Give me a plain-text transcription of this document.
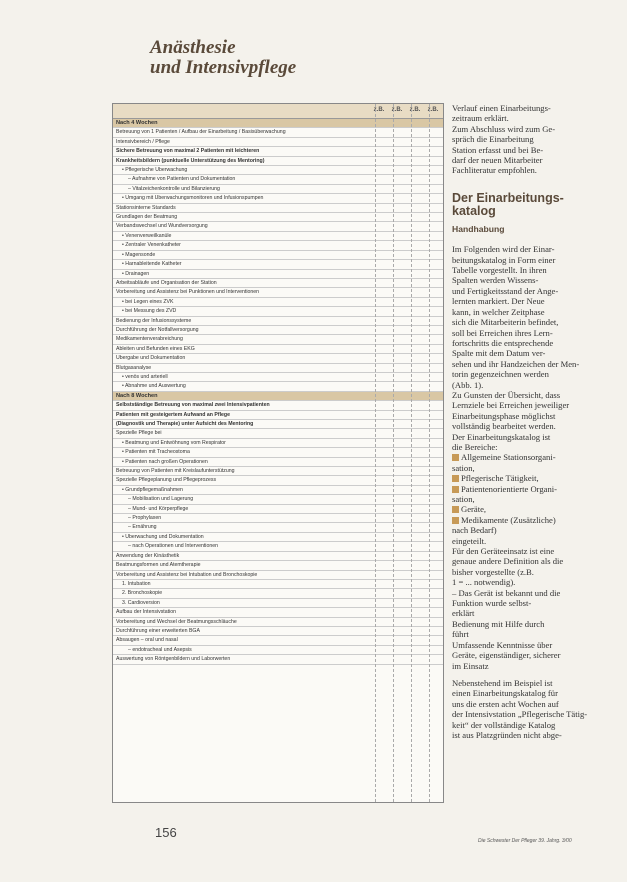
Anästhesie
und Intensivpflege
z.B.	z.B.	z.B.	z.B.
Nach 4 Wochen
Betreuung von 1 Patienten / Aufbau der Einarbeitung / Basisüberwachung
Intensivbereich / Pflege
Sichere Betreuung von maximal 2 Patienten mit leichteren
Krankheitsbildern (punktuelle Unterstützung des Mentoring)
• Pflegerische Überwachung
– Aufnahme von Patienten und Dokumentation
– Vitalzeichenkontrolle und Bilanzierung
• Umgang mit Überwachungsmonitoren und Infusionspumpen
Stationsinterne Standards
Grundlagen der Beatmung
Verbandswechsel und Wundversorgung
• Venenverweilkanüle
• Zentraler Venenkatheter
• Magensonde
• Harnableitende Katheter
• Drainagen
Arbeitsabläufe und Organisation der Station
Vorbereitung und Assistenz bei Punktionen und Interventionen
• bei Legen eines ZVK
• bei Messung des ZVD
Bedienung der Infusionssysteme
Durchführung der Notfallversorgung
Medikamentenverabreichung
Ableiten und Befunden eines EKG
Übergabe und Dokumentation
Blutgasanalyse
• venös und arteriell
• Abnahme und Auswertung
Nach 8 Wochen
Selbstständige Betreuung von maximal zwei Intensivpatienten
Patienten mit gesteigertem Aufwand an Pflege
(Diagnostik und Therapie) unter Aufsicht des Mentoring
Spezielle Pflege bei
• Beatmung und Entwöhnung vom Respirator
• Patienten mit Tracheostoma
• Patienten nach großen Operationen
Betreuung von Patienten mit Kreislaufunterstützung
Spezielle Pflegeplanung und Pflegeprozess
• Grundpflegemaßnahmen
– Mobilisation und Lagerung
– Mund- und Körperpflege
– Prophylaxen
– Ernährung
• Überwachung und Dokumentation
– nach Operationen und Interventionen
Anwendung der Kinästhetik
Beatmungsformen und Atemtherapie
Vorbereitung und Assistenz bei Intubation und Bronchoskopie
1. Intubation
2. Bronchoskopie
3. Cardioversion
Aufbau der Intensivstation
Vorbereitung und Wechsel der Beatmungsschläuche
Durchführung einer erweiterten BGA
Absaugen – oral und nasal
– endotracheal und Asepsis
Auswertung von Röntgenbildern und Laborwerten

Verlauf einen Einarbeitungs-

zeitraum erklärt.

Zum Abschluss wird zum Ge-

spräch die Einarbeitung

Station erfasst und bei Be-

darf der neuen Mitarbeiter

Fachliteratur empfohlen.

Der Einarbeitungs-
katalog

Handhabung

Im Folgenden wird der Einar-

beitungskatalog in Form einer

Tabelle vorgestellt. In ihren

Spalten werden Wissens-

und Fertigkeitsstand der Ange-

lernten markiert. Der Neue

kann, in welcher Zeitphase

sich die Mitarbeiterin befindet,

soll bei Erreichen ihres Lern-

fortschritts die entsprechende

Spalte mit dem Datum ver-

sehen und ihr Handzeichen der Men-

torin gegenzeichnen werden

(Abb. 1).

Zu Gunsten der Übersicht, dass

Lernziele bei Erreichen jeweiliger

Einarbeitungsphase möglichst

vollständig bearbeitet werden.

Der Einarbeitungskatalog ist

die Bereiche:

Allgemeine Stationsorgani-

sation,

Pflegerische Tätigkeit,

Patientenorientierte Organi-

sation,

Geräte,

Medikamente (Zusätzliche)

nach Bedarf)

eingeteilt.

Für den Geräteeinsatz ist eine

genaue andere Definition als die

bisher vorgestellte (z.B.

1 = ... notwendig).

– Das Gerät ist bekannt und die

Funktion wurde selbst-

erklärt

Bedienung mit Hilfe durch

führt

Umfassende Kenntnisse über

Geräte, eigenständiger, sicherer

im Einsatz

Nebenstehend im Beispiel ist

einen Einarbeitungskatalog für

uns die ersten acht Wochen auf

der Intensivstation „Pflegerische Tätig-

keit“ der vollständige Katalog

ist aus Platzgründen nicht abge-

156
Die Schwester Der Pfleger 39. Jahrg. 3/00
